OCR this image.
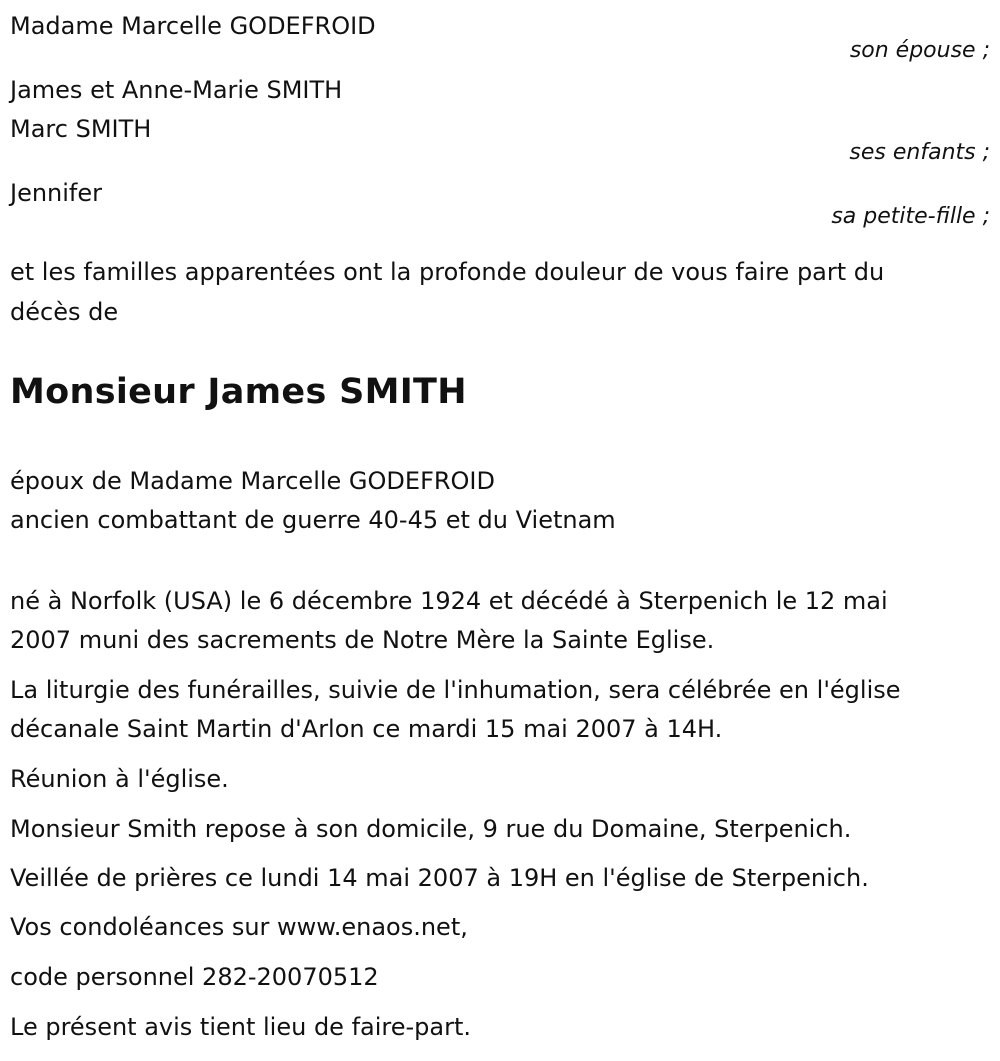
Madame Marcelle GODEFROID
son épouse ;
James et Anne-Marie SMITH
Marc SMITH
ses enfants ;
Jennifer
sa petite-fille ;
et les familles apparentées ont la profonde douleur de vous faire part du
décès de
Monsieur James SMITH
époux de Madame Marcelle GODEFROID
ancien combattant de guerre 40-45 et du Vietnam
né à Norfolk (USA) le 6 décembre 1924 et décédé à Sterpenich le 12 mai
2007 muni des sacrements de Notre Mère la Sainte Eglise.
La liturgie des funérailles, suivie de l'inhumation, sera célébrée en l'église
décanale Saint Martin d'Arlon ce mardi 15 mai 2007 à 14H.
Réunion à l'église.
Monsieur Smith repose à son domicile, 9 rue du Domaine, Sterpenich.
Veillée de prières ce lundi 14 mai 2007 à 19H en l'église de Sterpenich.
Vos condoléances sur www.enaos.net,
code personnel 282-20070512
Le présent avis tient lieu de faire-part.
